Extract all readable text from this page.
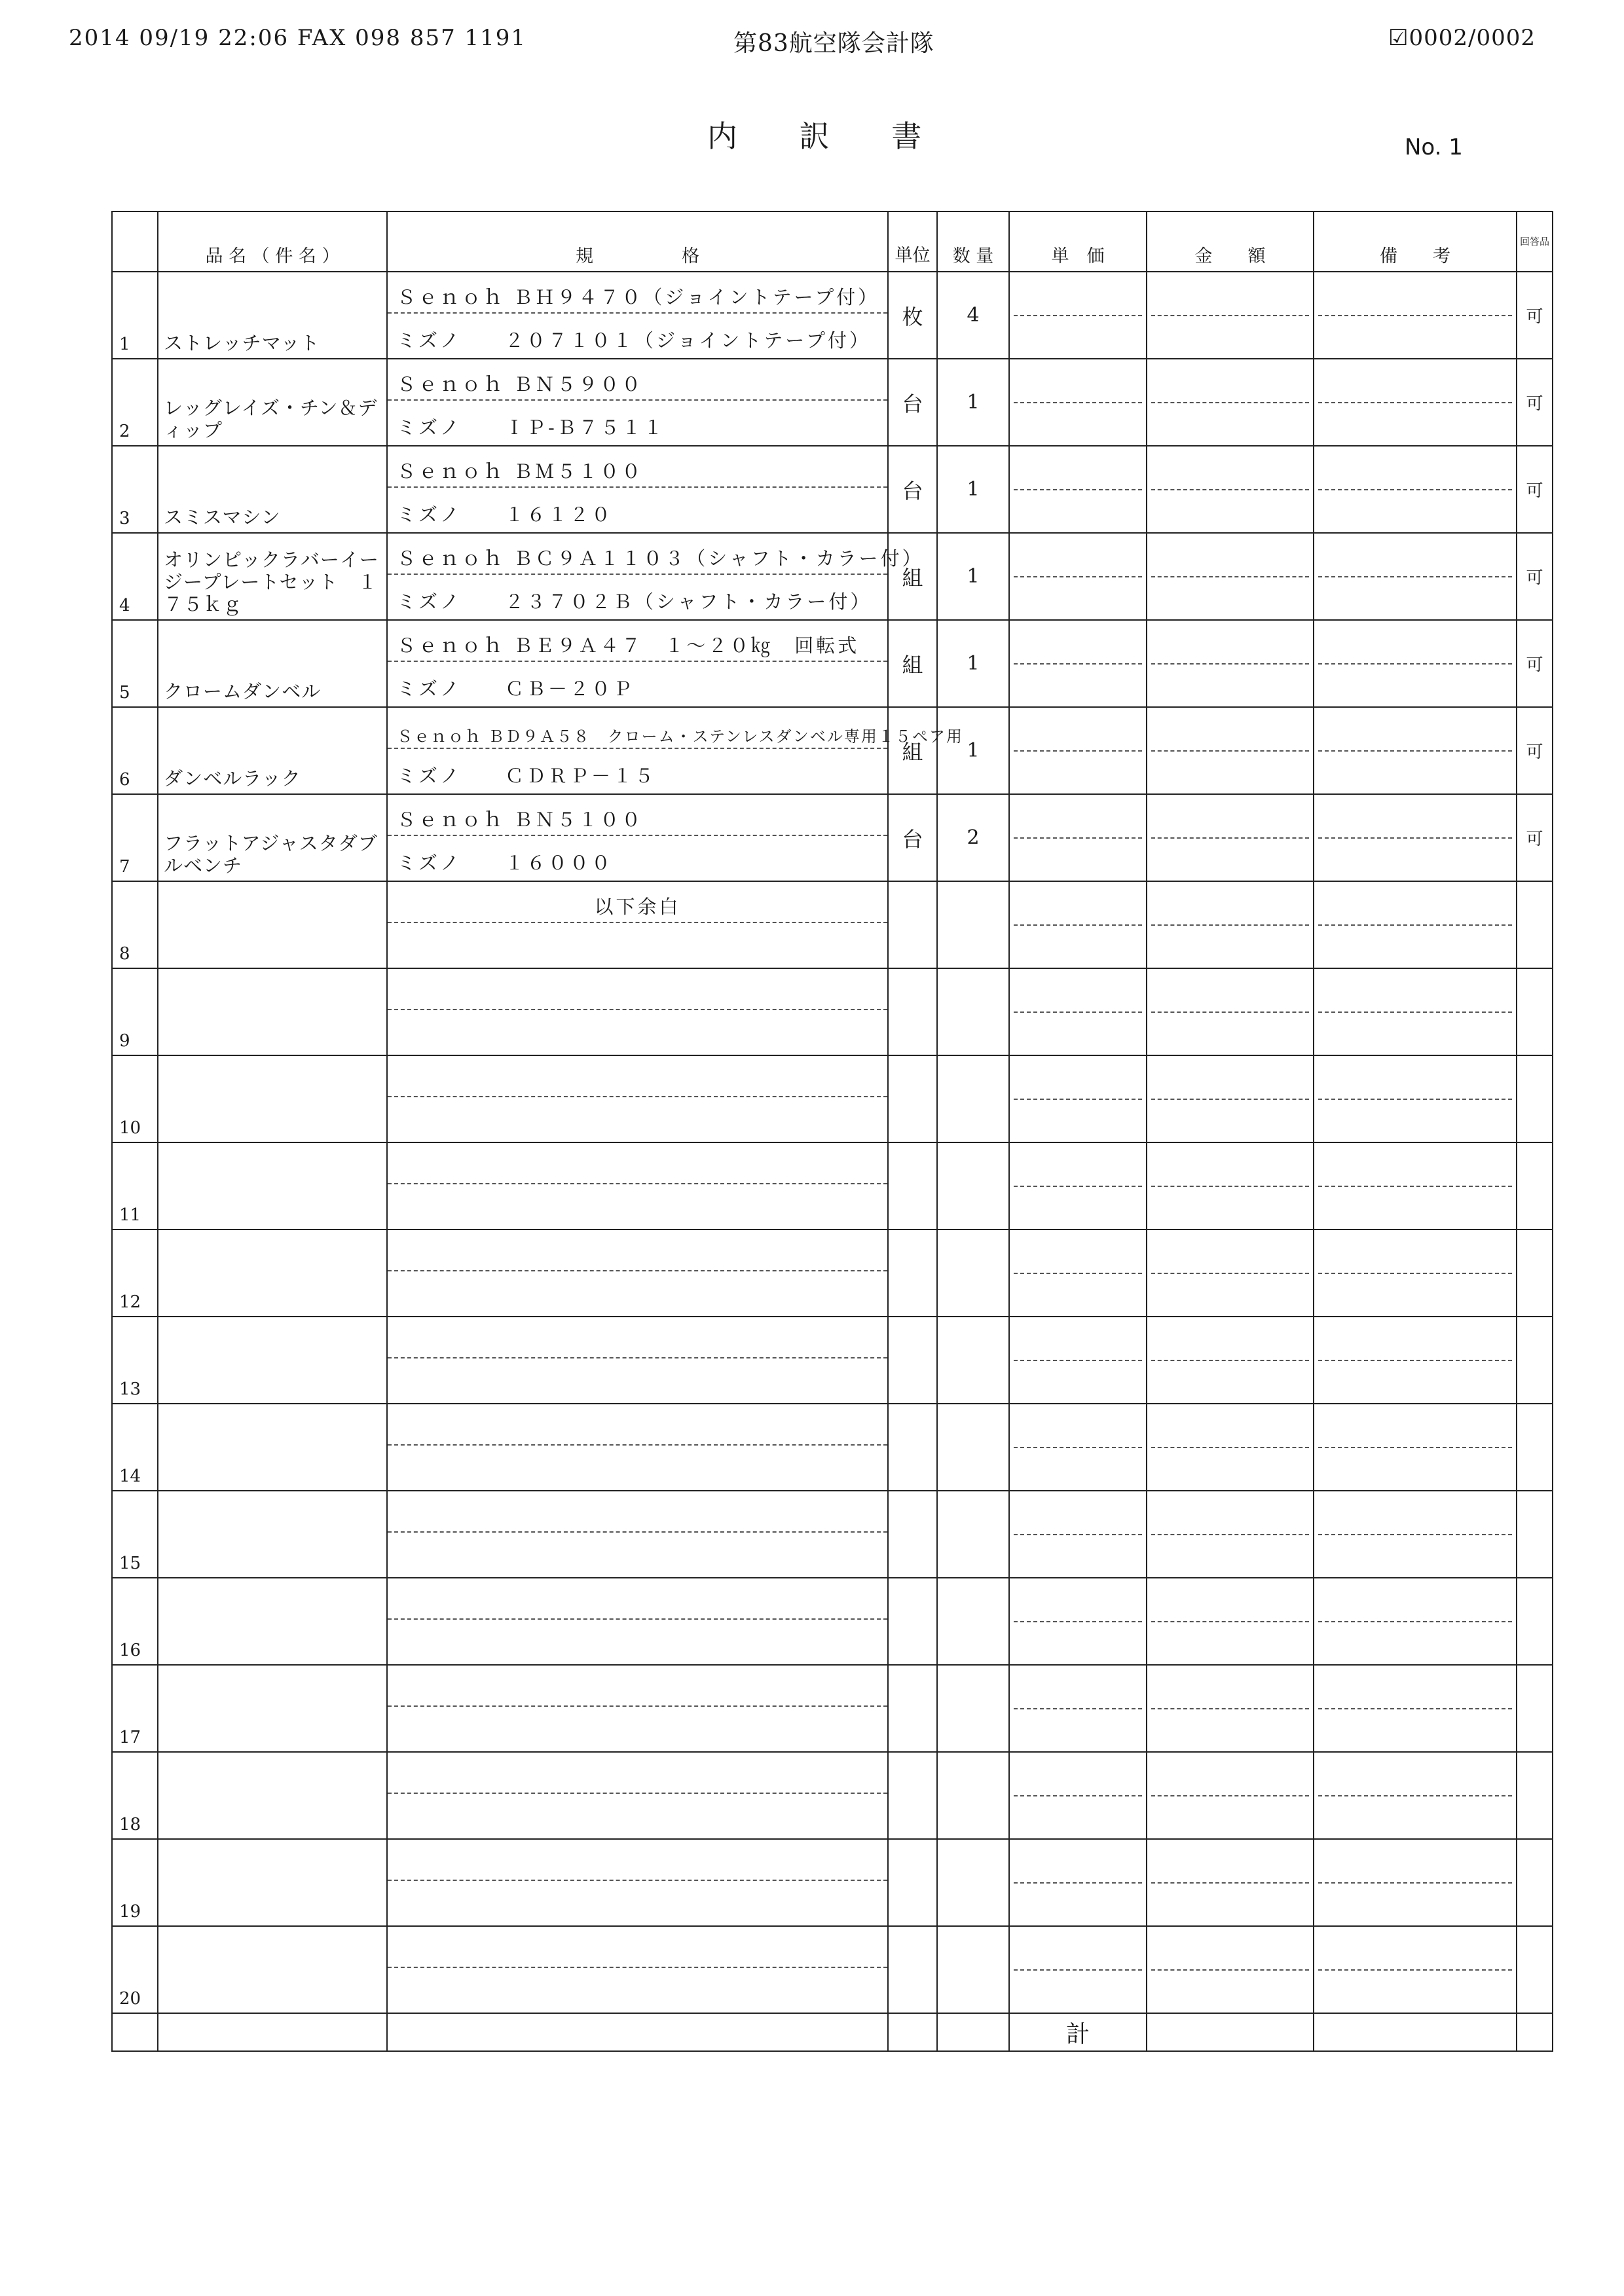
2014 09/19 22:06 FAX 098 857 1191	第83航空隊会計隊	☑0002/0002
内 訳 書	No. 1
	品 名 （ 件 名 ）	規　　　　　格	単位	数 量	単　価	金　　額	備　　考	回答品
1	ストレッチマット	Ｓｅｎｏｈ ＢＨ９４７０（ジョイントテープ付）
ミズノ　　２０７１０１（ジョイントテープ付）	枚	4				可
2	レッグレイズ・チン＆ディップ	Ｓｅｎｏｈ ＢＮ５９００
ミズノ　　ＩＰ-Ｂ７５１１	台	1				可
3	スミスマシン	Ｓｅｎｏｈ ＢＭ５１００
ミズノ　　１６１２０	台	1				可
4	オリンピックラバーイージープレートセット　１７５ｋｇ	Ｓｅｎｏｈ ＢＣ９Ａ１１０３（シャフト・カラー付）
ミズノ　　２３７０２Ｂ（シャフト・カラー付）	組	1				可
5	クロームダンベル	Ｓｅｎｏｈ ＢＥ９Ａ４７　１～２０㎏　回転式
ミズノ　　ＣＢ－２０Ｐ	組	1				可
6	ダンベルラック	Ｓｅｎｏｈ ＢＤ９Ａ５８　クローム・ステンレスダンベル専用１５ペア用
ミズノ　　ＣＤＲＰ－１５	組	1				可
7	フラットアジャスタダブルベンチ	Ｓｅｎｏｈ ＢＮ５１００
ミズノ　　１６０００	台	2				可
8		以下余白						

9		

10		

11		

12		

13		

14		

15		

16		

17		

18		

19		

20		

					計			
